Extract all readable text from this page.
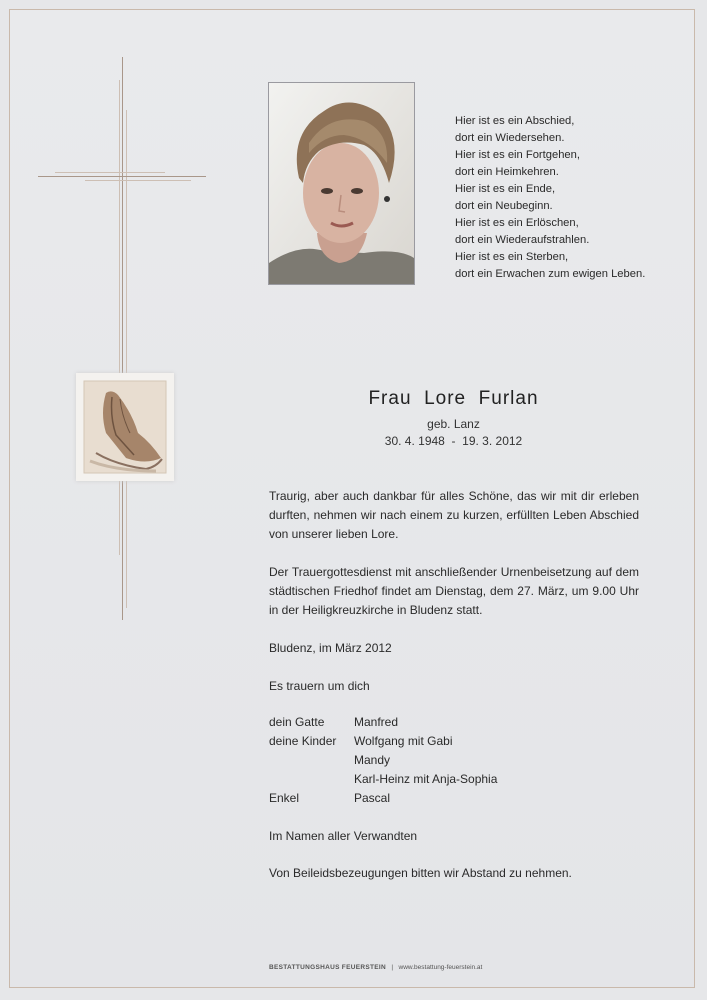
Hier ist es ein Abschied,
dort ein Wiedersehen.
Hier ist es ein Fortgehen,
dort ein Heimkehren.
Hier ist es ein Ende,
dort ein Neubeginn.
Hier ist es ein Erlöschen,
dort ein Wiederaufstrahlen.
Hier ist es ein Sterben,
dort ein Erwachen zum ewigen Leben.
Frau  Lore  Furlan
geb. Lanz
30. 4. 1948  -  19. 3. 2012
Traurig, aber auch dankbar für alles Schöne, das wir mit dir erleben durften, nehmen wir nach einem zu kurzen, erfüllten Leben Abschied von unserer lieben Lore.
Der Trauergottesdienst mit anschließender Urnenbeisetzung auf dem städtischen Friedhof findet am Dienstag, dem 27. März, um 9.00 Uhr in der Heiligkreuzkirche in Bludenz statt.
Bludenz, im März 2012
Es trauern um dich
dein Gatte	Manfred
deine Kinder	Wolfgang mit Gabi
Mandy
Karl-Heinz mit Anja-Sophia
Enkel	Pascal
Im Namen aller Verwandten
Von Beileidsbezeugungen bitten wir Abstand zu nehmen.
BESTATTUNGSHAUS FEUERSTEIN | www.bestattung-feuerstein.at
